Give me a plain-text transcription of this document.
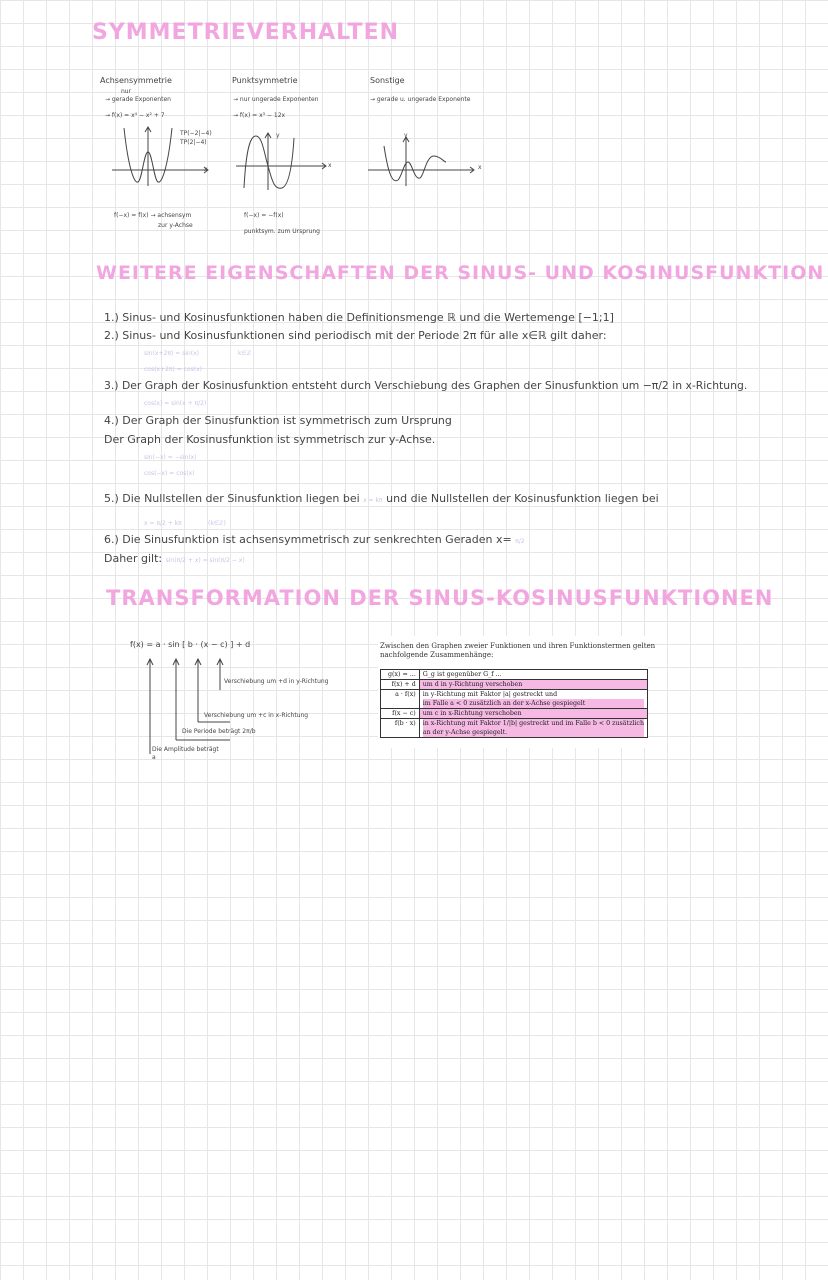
SYMMETRIEVERHALTEN
Achsensymmetrie
nur
→ gerade Exponenten
→ f(x) = x⁴ − x² + 7
TP(−2|−4)
TP(2|−4)
x
f(−x) = f(x) → achsensym
zur y-Achse
Punktsymmetrie
→ nur ungerade Exponenten
→ f(x) = x³ − 12x
y
x
f(−x) = −f(x)
punktsym. zum Ursprung
Sonstige
→ gerade u. ungerade Exponente
y
x
WEITERE EIGENSCHAFTEN DER SINUS- UND KOSINUSFUNKTION
1.) Sinus- und Kosinusfunktionen haben die Definitionsmenge ℝ und die Wertemenge [−1;1]
2.) Sinus- und Kosinusfunktionen sind periodisch mit der Periode 2π für alle x∈ℝ gilt daher:
sin(x+2π) = sin(x)	k∈ℤ
cos(x+2π) = cos(x)
3.) Der Graph der Kosinusfunktion entsteht durch Verschiebung des Graphen der Sinusfunktion um −π/2 in x-Richtung.
cos(x) = sin(x + π/2)
4.) Der Graph der Sinusfunktion ist symmetrisch zum Ursprung
Der Graph der Kosinusfunktion ist symmetrisch zur y-Achse.
sin(−x) = −sin(x)
cos(−x) = cos(x)
5.) Die Nullstellen der Sinusfunktion liegen bei x = kπ und die Nullstellen der Kosinusfunktion liegen bei
x = π/2 + kπ	(k∈ℤ)
6.) Die Sinusfunktion ist achsensymmetrisch zur senkrechten Geraden x= π/2
Daher gilt: sin(π/2 + x) = sin(π/2 − x)
TRANSFORMATION DER SINUS-KOSINUSFUNKTIONEN
f(x) = a · sin [ b · (x − c) ] + d
Verschiebung um +d in y-Richtung
Verschiebung um +c in x-Richtung
Die Periode beträgt 2π/b
Die Amplitude beträgt
a
Zwischen den Graphen zweier Funktionen und ihren Funktionstermen gelten
nachfolgende Zusammenhänge:
g(x) = ...	G_g ist gegenüber G_f ...
f(x) + d	um d in y-Richtung verschoben
a · f(x)	in y-Richtung mit Faktor |a| gestreckt und
im Falle a < 0 zusätzlich an der x-Achse gespiegelt

f(x − c)	um c in x-Richtung verschoben
f(b · x)	in x-Richtung mit Faktor 1/|b| gestreckt und im Falle b < 0 zusätzlich
an der y-Achse gespiegelt.
